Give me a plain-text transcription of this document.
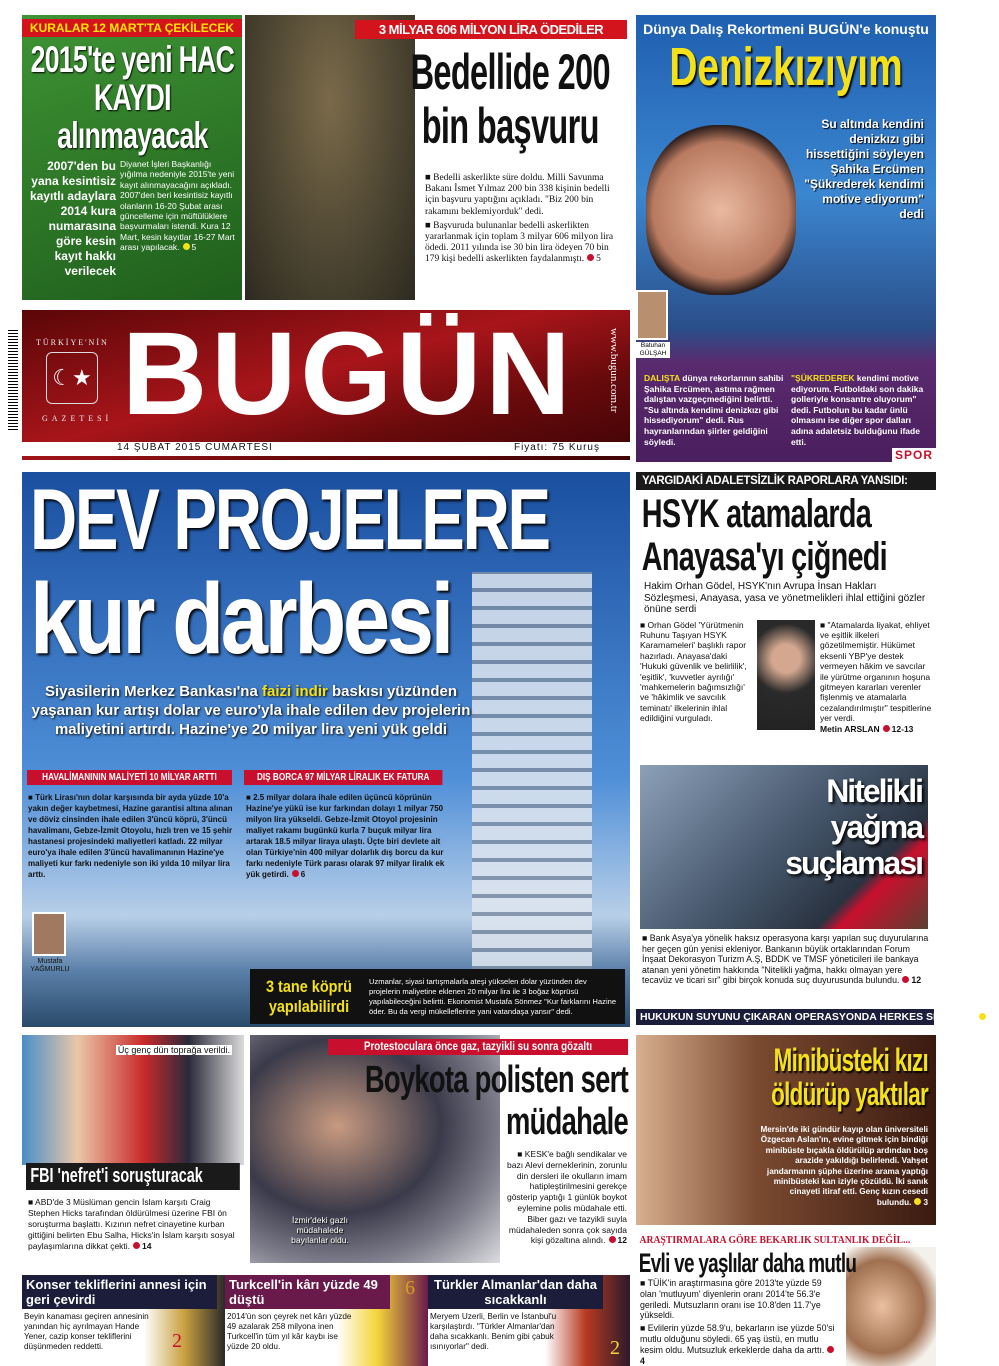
KURALAR 12 MART'TA ÇEKİLECEK
2015'te yeni HAC KAYDI alınmayacak
2007'den bu yana kesintisiz kayıtlı adaylara 2014 kura numarasına göre kesin kayıt hakkı verilecek
Diyanet İşleri Başkanlığı yığılma nedeniyle 2015'te yeni kayıt alınmayacağını açıkladı. 2007'den beri kesintisiz kayıtlı olanların 16-20 Şubat arası güncelleme için müftülüklere başvurmaları istendi. Kura 12 Mart, kesin kayıtlar 16-27 Mart arası yapılacak. 5
3 MİLYAR 606 MİLYON LİRA ÖDEDİLER
Bedellide 200 bin başvuru

■ Bedelli askerlikte süre doldu. Milli Savunma Bakanı İsmet Yılmaz 200 bin 338 kişinin bedelli için başvuru yaptığını açıkladı. "Biz 200 bin rakamını beklemiyorduk" dedi.

■ Başvuruda bulunanlar bedelli askerlikten yararlanmak için toplam 3 milyar 606 milyon lira ödedi. 2011 yılında ise 30 bin lira ödeyen 70 bin 179 kişi bedelli askerlikten faydalanmıştı. 5

Dünya Dalış Rekortmeni BUGÜN'e konuştu
Denizkızıyım
Su altında kendini denizkızı gibi hissettiğini söyleyen Şahika Ercümen "Şükrederek kendimi motive ediyorum" dedi
Batuhan GÜLŞAH
DALIŞTA dünya rekorlarının sahibi Şahika Ercümen, astıma rağmen dalıştan vazgeçmediğini belirtti. "Su altında kendimi denizkızı gibi hissediyorum" dedi. Rus hayranlarından şiirler geldiğini söyledi.
"ŞÜKREDEREK kendimi motive ediyorum. Futboldaki son dakika golleriyle konsantre oluyorum" dedi. Futbolun bu kadar ünlü olmasını ise diğer spor dalları adına adaletsiz bulduğunu ifade etti.
SPOR
TÜRKİYE'NİN
☾★
GAZETESİ BUGÜN	www.bugun.com.tr
14 ŞUBAT 2015 CUMARTESİ	Fiyatı: 75 Kuruş
DEV PROJELERE
kur darbesi
Siyasilerin Merkez Bankası'na faizi indir baskısı yüzünden yaşanan kur artışı dolar ve euro'yla ihale edilen dev projelerin maliyetini artırdı. Hazine'ye 20 milyar lira yeni yük geldi
HAVALİMANININ MALİYETİ 10 MİLYAR ARTTI	DIŞ BORCA 97 MİLYAR LİRALIK EK FATURA
■ Türk Lirası'nın dolar karşısında bir ayda yüzde 10'a yakın değer kaybetmesi, Hazine garantisi altına alınan ve döviz cinsinden ihale edilen 3'üncü köprü, 3'üncü havalimanı, Gebze-İzmit Otoyolu, hızlı tren ve 15 şehir hastanesi projesindeki maliyetleri katladı. 22 milyar euro'ya ihale edilen 3'üncü havalimanının Hazine'ye maliyeti kur farkı nedeniyle son iki yılda 10 milyar lira arttı.
■ 2.5 milyar dolara ihale edilen üçüncü köprünün Hazine'ye yükü ise kur farkından dolayı 1 milyar 750 milyon lira yükseldi. Gebze-İzmit Otoyol projesinin maliyet rakamı bugünkü kurla 7 buçuk milyar lira artarak 18.5 milyar liraya ulaştı. Üçte biri devlete ait olan Türkiye'nin 400 milyar dolarlık dış borcu da kur farkı nedeniyle Türk parası olarak 97 milyar liralık ek yük getirdi. 6
Mustafa YAĞMURLU
3 tane köprü yapılabilirdi
Uzmanlar, siyasi tartışmalarla ateşi yükselen dolar yüzünden dev projelerin maliyetine eklenen 20 milyar lira ile 3 boğaz köprüsü yapılabileceğini belirtti. Ekonomist Mustafa Sönmez "Kur farklarını Hazine öder. Bu da vergi mükelleflerine yani vatandaşa yansır" dedi.
YARGIDAKİ ADALETSİZLİK RAPORLARA YANSIDI:
HSYK atamalarda Anayasa'yı çiğnedi
Hakim Orhan Gödel, HSYK'nın Avrupa İnsan Hakları Sözleşmesi, Anayasa, yasa ve yönetmelikleri ihlal ettiğini gözler önüne serdi
■ Orhan Gödel 'Yürütmenin Ruhunu Taşıyan HSYK Kararnameleri' başlıklı rapor hazırladı. Anayasa'daki 'Hukuki güvenlik ve belirlilik', 'eşitlik', 'kuvvetler ayrılığı' 'mahkemelerin bağımsızlığı' ve 'hâkimlik ve savcılık teminatı' ilkelerinin ihlal edildiğini vurguladı.
■ "Atamalarda liyakat, ehliyet ve eşitlik ilkeleri gözetilmemiştir. Hükümet eksenli YBP'ye destek vermeyen hâkim ve savcılar ile yürütme organının hoşuna gitmeyen kararları verenler fişlenmiş ve atamalarla cezalandırılmıştır" tespitlerine yer verdi.
Metin ARSLAN 12-13
Nitelikli yağma suçlaması
■ Bank Asya'ya yönelik haksız operasyona karşı yapılan suç duyurularına her geçen gün yenisi ekleniyor. Bankanın büyük ortaklarından Forum İnşaat Dekorasyon Turizm A.Ş, BDDK ve TMSF yöneticileri ile bankaya atanan yeni yönetim hakkında "Nitelikli yağma, hakkı olmayan yere tecavüz ve ticari sır" gibi birçok konuda suç duyurusunda bulundu. 12
HUKUKUN SUYUNU ÇIKARAN OPERASYONDA HERKES SERBEST 13
Üç genç dün toprağa verildi.
FBI 'nefret'i soruşturacak
■ ABD'de 3 Müslüman gencin İslam karşıtı Craig Stephen Hicks tarafından öldürülmesi üzerine FBI ön soruşturma başlattı. Kızının nefret cinayetine kurban gittiğini belirten Ebu Salha, Hicks'in İslam karşıtı sosyal paylaşımlarına dikkat çekti. 14
Protestoculara önce gaz, tazyikli su sonra gözaltı
Boykota polisten sert müdahale
İzmir'deki gazlı müdahalede bayılanlar oldu.
■ KESK'e bağlı sendikalar ve bazı Alevi derneklerinin, zorunlu din dersleri ile okulların imam hatipleştirilmesini gerekçe gösterip yaptığı 1 günlük boykot eylemine polis müdahale etti. Biber gazı ve tazyikli suyla müdahaleden sonra çok sayıda kişi gözaltına alındı. 12
Minibüsteki kızı öldürüp yaktılar
Mersin'de iki gündür kayıp olan üniversiteli Özgecan Aslan'ın, evine gitmek için bindiği minibüste bıçakla öldürülüp ardından boş arazide yakıldığı belirlendi. Vahşet jandarmanın şüphe üzerine arama yaptığı minibüsteki kan iziyle çözüldü. İki sanık cinayeti itiraf etti. Genç kızın cesedi bulundu. 3
ARAŞTIRMALARA GÖRE BEKARLIK SULTANLIK DEĞİL...
Evli ve yaşlılar daha mutlu

■ TÜİK'in araştırmasına göre 2013'te yüzde 59 olan 'mutluyum' diyenlerin oranı 2014'te 56.3'e geriledi. Mutsuzların oranı ise 10.8'den 11.7'ye yükseldi.

■ Evlilerin yüzde 58.9'u, bekarların ise yüzde 50'si mutlu olduğunu söyledi. 65 yaş üstü, en mutlu kesim oldu. Mutsuzluk erkeklerde daha da arttı.4

Konser tekliflerini annesi için geri çevirdi
Beyin kanaması geçiren annesinin yanından hiç ayrılmayan Hande Yener, cazip konser tekliflerini düşünmeden reddetti.	2
Turkcell'in kârı yüzde 49 düştü
2014'ün son çeyrek net kârı yüzde 49 azalarak 258 milyona inen Turkcell'in tüm yıl kâr kaybı ise yüzde 20 oldu.
6	Türkler Almanlar'dan daha sıcakkanlı
Meryem Uzerli, Berlin ve İstanbul'u karşılaştırdı. "Türkler Almanlar'dan daha sıcakkanlı. Benim gibi çabuk ısınıyorlar" dedi.	2
